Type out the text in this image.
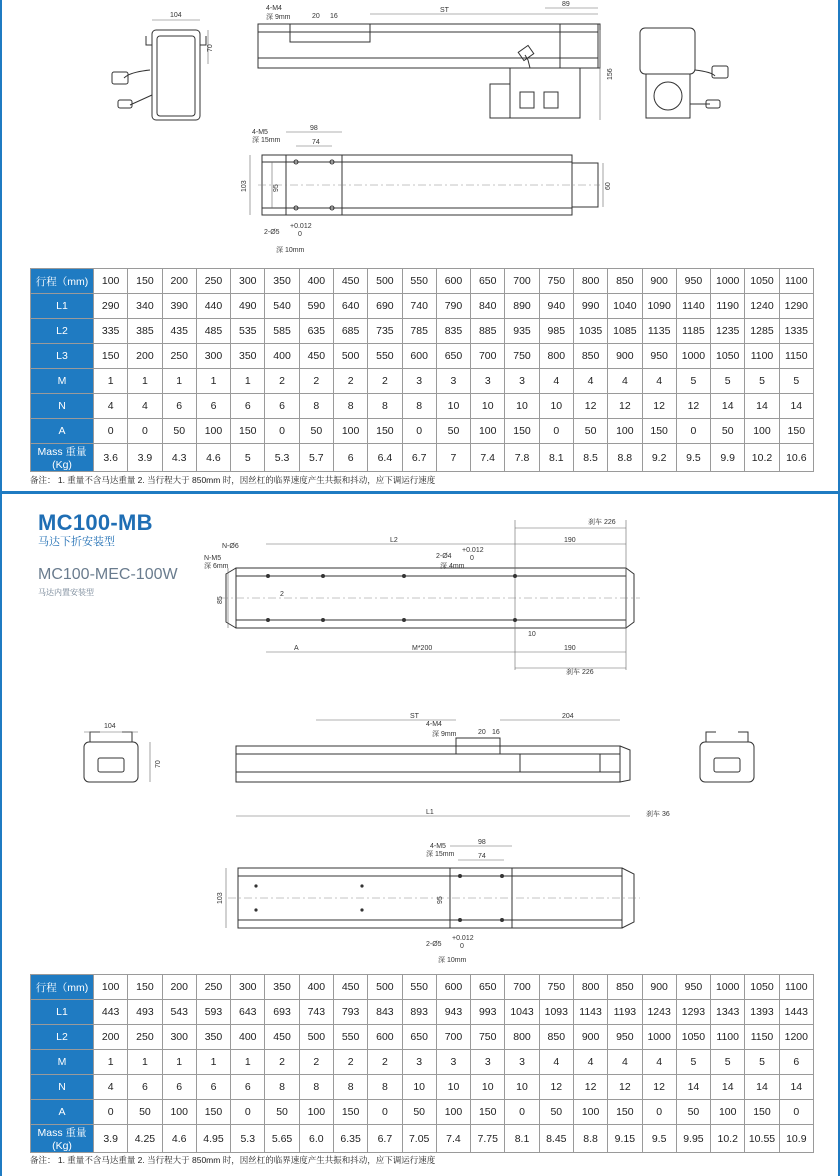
104
70
4-M4
深 9mm	20 16
ST
89
156
4-M5
深 15mm
98
74
103	95	60
2-Ø5
+0.012
0
深 10mm
行程（mm)	100	150	200	250	300	350	400	450	500	550	600	650	700	750	800	850	900	950	1000	1050	1100
L1	290	340	390	440	490	540	590	640	690	740	790	840	890	940	990	1040	1090	1140	1190	1240	1290
L2	335	385	435	485	535	585	635	685	735	785	835	885	935	985	1035	1085	1135	1185	1235	1285	1335
L3	150	200	250	300	350	400	450	500	550	600	650	700	750	800	850	900	950	1000	1050	1100	1150
M	1	1	1	1	1	2	2	2	2	3	3	3	3	4	4	4	4	5	5	5	5
N	4	4	6	6	6	6	8	8	8	8	10	10	10	10	12	12	12	12	14	14	14
A	0	0	50	100	150	0	50	100	150	0	50	100	150	0	50	100	150	0	50	100	150
Mass 重量 (Kg)	3.6	3.9	4.3	4.6	5	5.3	5.7	6	6.4	6.7	7	7.4	7.8	8.1	8.5	8.8	9.2	9.5	9.9	10.2	10.6
备注： 1. 重量不含马达重量 2. 当行程大于 850mm 时，因丝杠的临界速度产生共振和抖动，应下调运行速度
MC100-MB
马达下折安装型
MC100-MEC-100W
马达内置安装型
刹车 226
L2	190
N-Ø6
N-M5
深 6mm
2-Ø4
+0.012
0
深 4mm
85
2
10
A	M*200	190
刹车 226
104
70
ST	204
4-M4
20 16
深 9mm
L1	刹车 36
4-M5
深 15mm
98
74
103	95
2-Ø5
+0.012
0
深 10mm
行程（mm)	100	150	200	250	300	350	400	450	500	550	600	650	700	750	800	850	900	950	1000	1050	1100
L1	443	493	543	593	643	693	743	793	843	893	943	993	1043	1093	1143	1193	1243	1293	1343	1393	1443
L2	200	250	300	350	400	450	500	550	600	650	700	750	800	850	900	950	1000	1050	1100	1150	1200
M	1	1	1	1	1	2	2	2	2	3	3	3	3	4	4	4	4	5	5	5	6
N	4	6	6	6	6	8	8	8	8	10	10	10	10	12	12	12	12	14	14	14	14
A	0	50	100	150	0	50	100	150	0	50	100	150	0	50	100	150	0	50	100	150	0
Mass 重量 (Kg)	3.9	4.25	4.6	4.95	5.3	5.65	6.0	6.35	6.7	7.05	7.4	7.75	8.1	8.45	8.8	9.15	9.5	9.95	10.2	10.55	10.9
备注： 1. 重量不含马达重量 2. 当行程大于 850mm 时，因丝杠的临界速度产生共振和抖动，应下调运行速度
